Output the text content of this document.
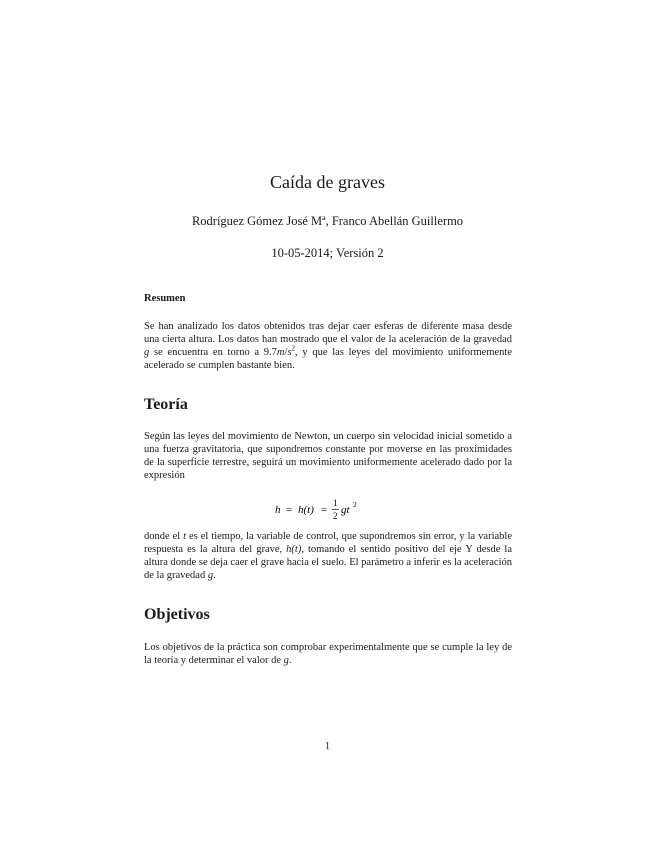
Caída de graves
Rodríguez Gómez José Mª, Franco Abellán Guillermo
10-05-2014; Versión 2
Resumen
Se han analizado los datos obtenidos tras dejar caer esferas de diferente masa desde una cierta altura. Los datos han mostrado que el valor de la aceleración de la gravedad g se encuentra en torno a $9.7m/s^2$, y que las leyes del movimiento uniformemente acelerado se cumplen bastante bien.
Teoría
Según las leyes del movimiento de Newton, un cuerpo sin velocidad inicial sometido a una fuerza gravitatoria, que supondremos constante por moverse en las proximidades de la superficie terrestre, seguirá un movimiento uniformemente acelerado dado por la expresión
h = h(t) =
1
2 gt 2
donde el t es el tiempo, la variable de control, que supondremos sin error, y la variable respuesta es la altura del grave, h(t), tomando el sentido positivo del eje Y desde la altura donde se deja caer el grave hacia el suelo. El parámetro a inferir es la aceleración de la gravedad g.
Objetivos
Los objetivos de la práctica son comprobar experimentalmente que se cumple la ley de la teoría y determinar el valor de g.
1
